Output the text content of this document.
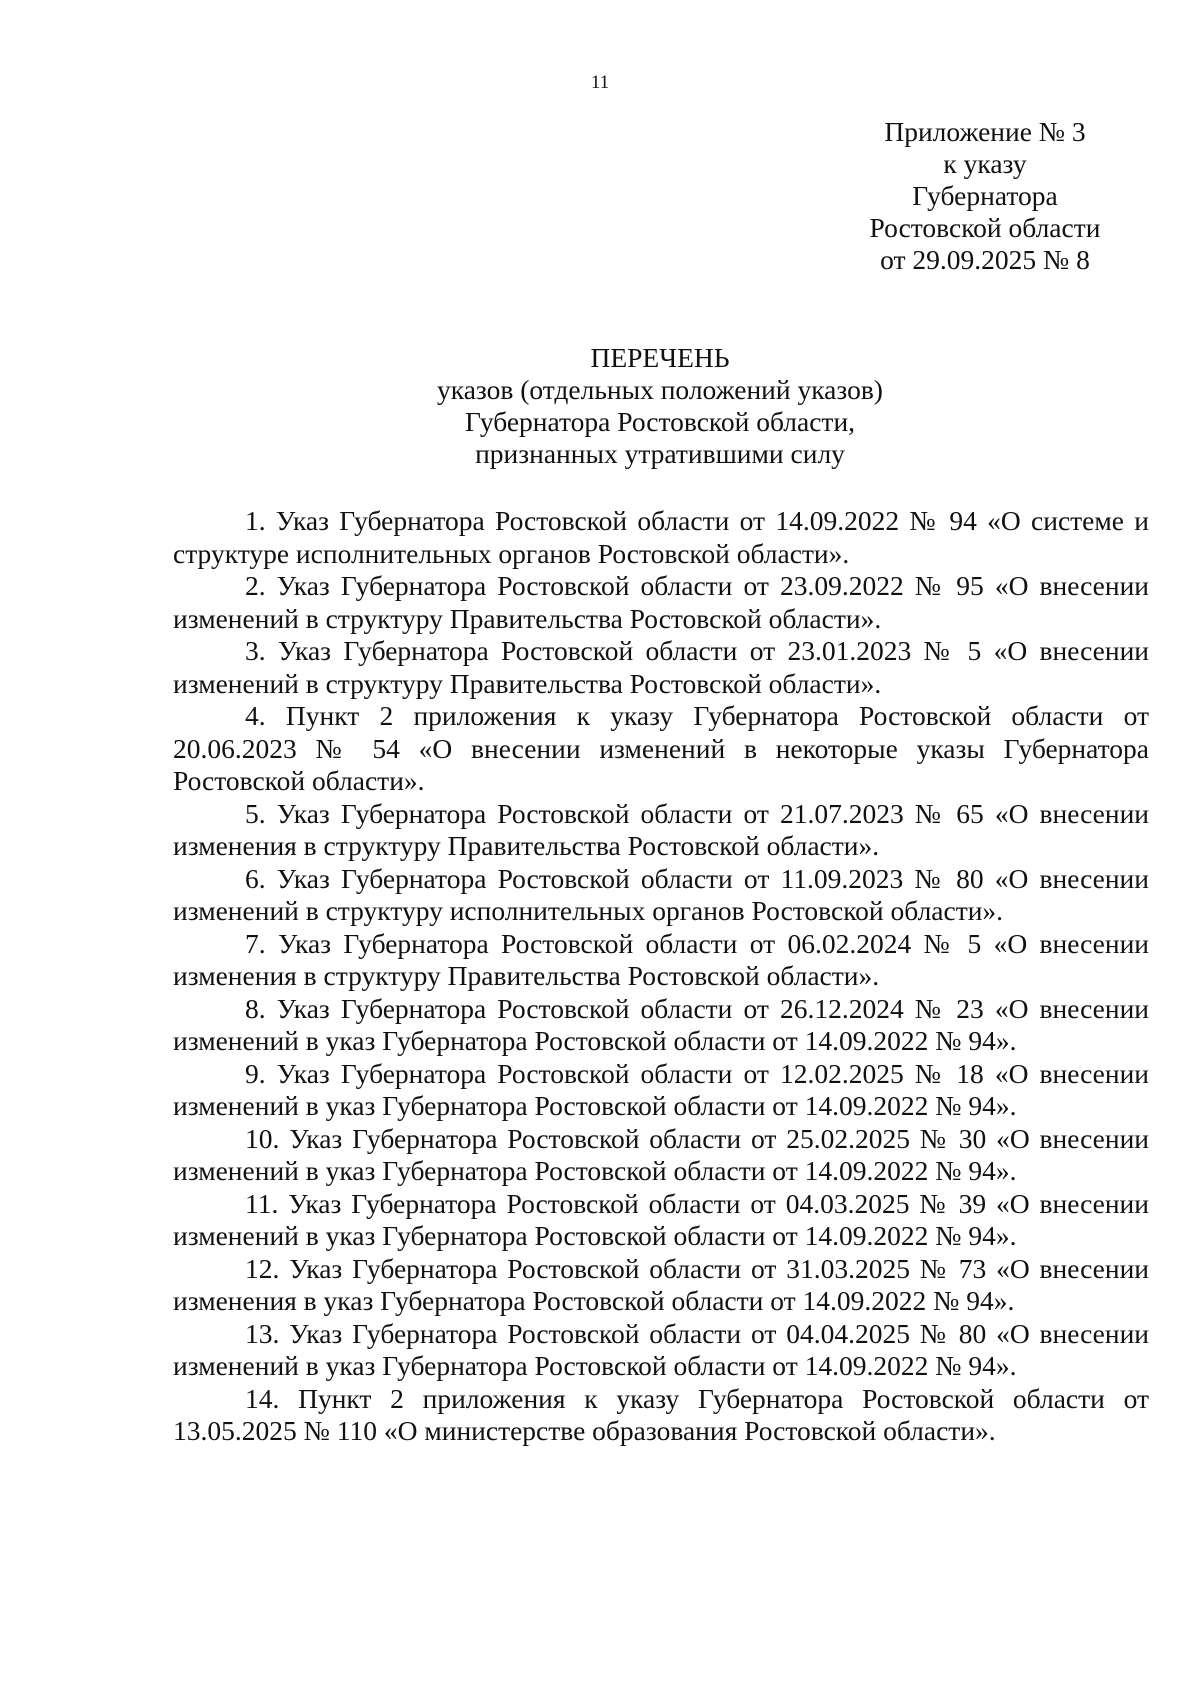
11
Приложение № 3
к указу
Губернатора
Ростовской области
от 29.09.2025 № 8
ПЕРЕЧЕНЬ
указов (отдельных положений указов)
Губернатора Ростовской области,
признанных утратившими силу

1. Указ Губернатора Ростовской области от 14.09.2022 № 94 «О системе и структуре исполнительных органов Ростовской области».

2. Указ Губернатора Ростовской области от 23.09.2022 № 95 «О внесении изменений в структуру Правительства Ростовской области».

3. Указ Губернатора Ростовской области от 23.01.2023 № 5 «О внесении изменений в структуру Правительства Ростовской области».

4. Пункт 2 приложения к указу Губернатора Ростовской области от 20.06.2023 № 54 «О внесении изменений в некоторые указы Губернатора Ростовской области».

5. Указ Губернатора Ростовской области от 21.07.2023 № 65 «О внесении изменения в структуру Правительства Ростовской области».

6. Указ Губернатора Ростовской области от 11.09.2023 № 80 «О внесении изменений в структуру исполнительных органов Ростовской области».

7. Указ Губернатора Ростовской области от 06.02.2024 № 5 «О внесении изменения в структуру Правительства Ростовской области».

8. Указ Губернатора Ростовской области от 26.12.2024 № 23 «О внесении изменений в указ Губернатора Ростовской области от 14.09.2022 № 94».

9. Указ Губернатора Ростовской области от 12.02.2025 № 18 «О внесении изменений в указ Губернатора Ростовской области от 14.09.2022 № 94».

10. Указ Губернатора Ростовской области от 25.02.2025 № 30 «О внесении изменений в указ Губернатора Ростовской области от 14.09.2022 № 94».

11. Указ Губернатора Ростовской области от 04.03.2025 № 39 «О внесении изменений в указ Губернатора Ростовской области от 14.09.2022 № 94».

12. Указ Губернатора Ростовской области от 31.03.2025 № 73 «О внесении изменения в указ Губернатора Ростовской области от 14.09.2022 № 94».

13. Указ Губернатора Ростовской области от 04.04.2025 № 80 «О внесении изменений в указ Губернатора Ростовской области от 14.09.2022 № 94».

14. Пункт 2 приложения к указу Губернатора Ростовской области от 13.05.2025 № 110 «О министерстве образования Ростовской области».
